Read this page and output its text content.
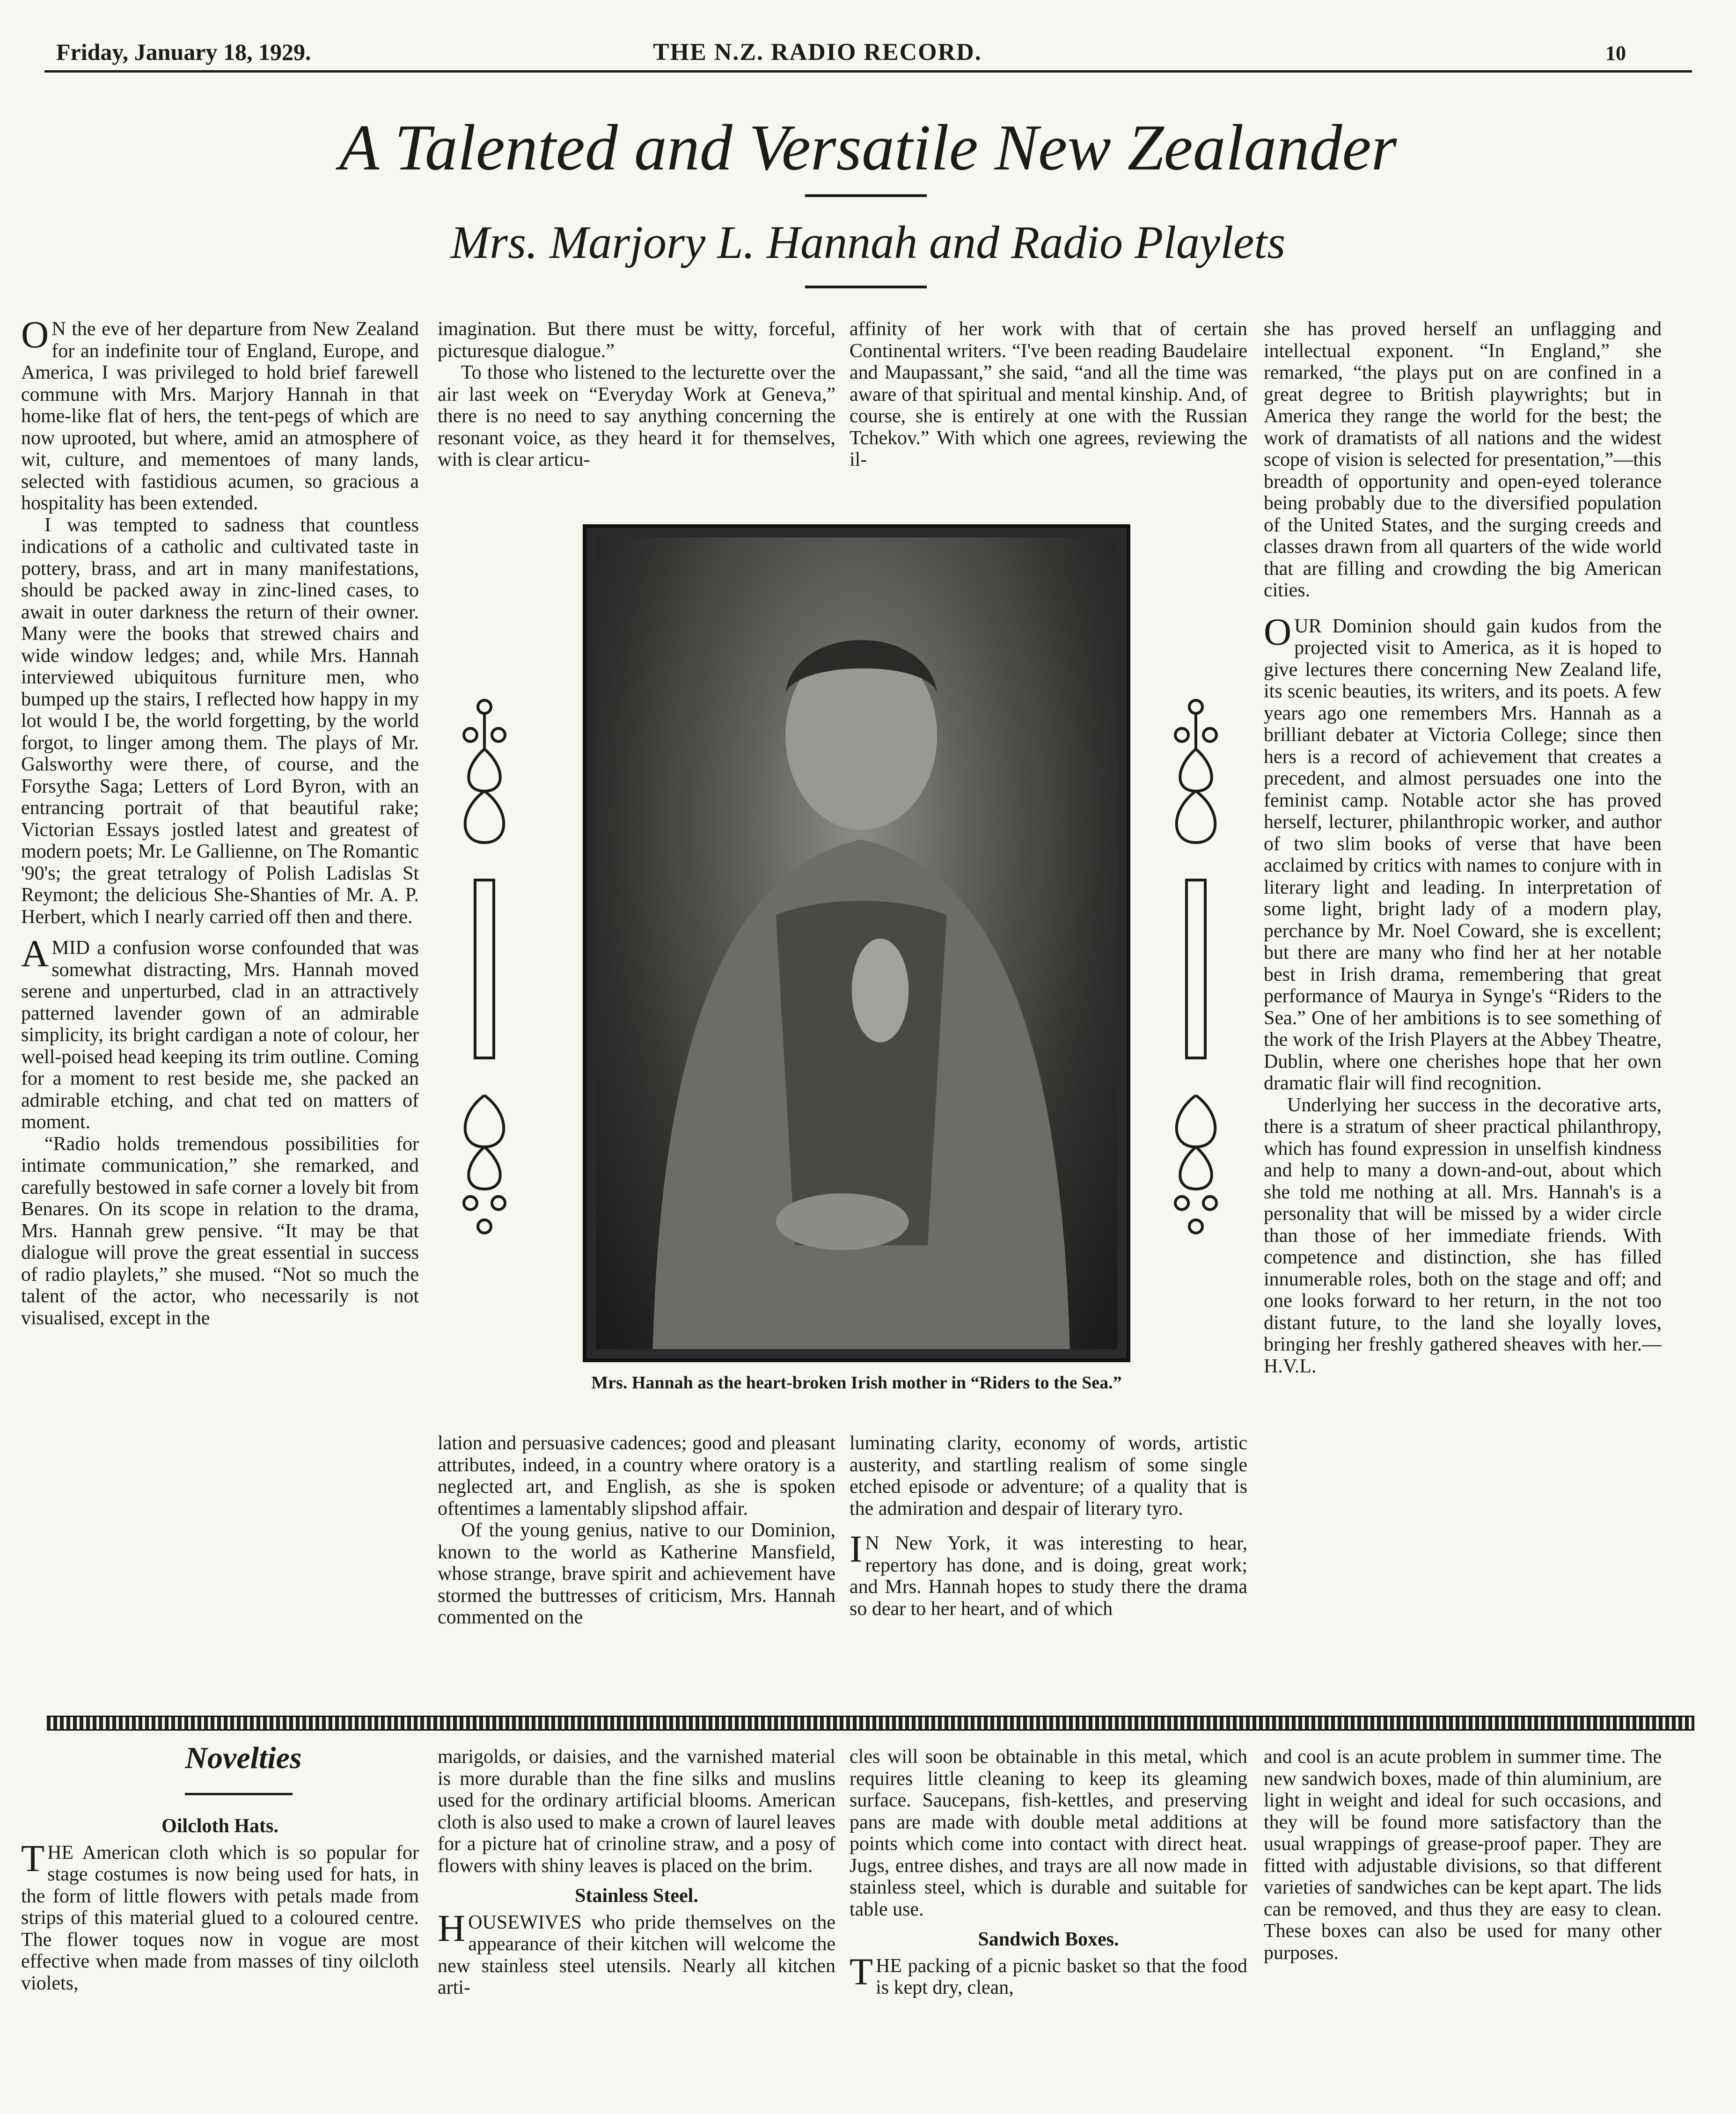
Friday, January 18, 1929.	THE N.Z. RADIO RECORD.	10
A Talented and Versatile New Zealander
Mrs. Marjory L. Hannah and Radio Playlets

ON the eve of her departure from New Zealand for an indefinite tour of England, Europe, and America, I was privileged to hold brief farewell commune with Mrs. Marjory Hannah in that home-like flat of hers, the tent-pegs of which are now uprooted, but where, amid an atmosphere of wit, culture, and mementoes of many lands, selected with fastidious acumen, so gracious a hospitality has been extended.

I was tempted to sadness that countless indications of a catholic and cultivated taste in pottery, brass, and art in many manifestations, should be packed away in zinc-lined cases, to await in outer darkness the return of their owner. Many were the books that strewed chairs and wide window ledges; and, while Mrs. Hannah interviewed ubiquitous furniture men, who bumped up the stairs, I reflected how happy in my lot would I be, the world forgetting, by the world forgot, to linger among them. The plays of Mr. Galsworthy were there, of course, and the Forsythe Saga; Letters of Lord Byron, with an entrancing portrait of that beautiful rake; Victorian Essays jostled latest and greatest of modern poets; Mr. Le Gallienne, on The Romantic '90's; the great tetralogy of Polish Ladislas St Reymont; the delicious She-Shanties of Mr. A. P. Herbert, which I nearly carried off then and there.

AMID a confusion worse confounded that was somewhat distracting, Mrs. Hannah moved serene and unperturbed, clad in an attractively patterned lavender gown of an admirable simplicity, its bright cardigan a note of colour, her well-poised head keeping its trim outline. Coming for a moment to rest beside me, she packed an admirable etching, and chat ted on matters of moment.

“Radio holds tremendous possibilities for intimate communication,” she remarked, and carefully bestowed in safe corner a lovely bit from Benares. On its scope in relation to the drama, Mrs. Hannah grew pensive. “It may be that dialogue will prove the great essential in success of radio playlets,” she mused. “Not so much the talent of the actor, who necessarily is not visualised, except in the

imagination. But there must be witty, forceful, picturesque dialogue.”

To those who listened to the lecturette over the air last week on “Everyday Work at Geneva,” there is no need to say anything concerning the resonant voice, as they heard it for themselves, with is clear articu-

affinity of her work with that of certain Continental writers. “I've been reading Baudelaire and Maupassant,” she said, “and all the time was aware of that spiritual and mental kinship. And, of course, she is entirely at one with the Russian Tchekov.” With which one agrees, reviewing the il-

Mrs. Hannah as the heart-broken Irish mother in “Riders to the Sea.”

lation and persuasive cadences; good and pleasant attributes, indeed, in a country where oratory is a neglected art, and English, as she is spoken oftentimes a lamentably slipshod affair.

Of the young genius, native to our Dominion, known to the world as Katherine Mansfield, whose strange, brave spirit and achievement have stormed the buttresses of criticism, Mrs. Hannah commented on the

luminating clarity, economy of words, artistic austerity, and startling realism of some single etched episode or adventure; of a quality that is the admiration and despair of literary tyro.

IN New York, it was interesting to hear, repertory has done, and is doing, great work; and Mrs. Hannah hopes to study there the drama so dear to her heart, and of which

she has proved herself an unflagging and intellectual exponent. “In England,” she remarked, “the plays put on are confined in a great degree to British playwrights; but in America they range the world for the best; the work of dramatists of all nations and the widest scope of vision is selected for presentation,”—this breadth of opportunity and open-eyed tolerance being probably due to the diversified population of the United States, and the surging creeds and classes drawn from all quarters of the wide world that are filling and crowding the big American cities.

OUR Dominion should gain kudos from the projected visit to America, as it is hoped to give lectures there concerning New Zealand life, its scenic beauties, its writers, and its poets. A few years ago one remembers Mrs. Hannah as a brilliant debater at Victoria College; since then hers is a record of achievement that creates a precedent, and almost persuades one into the feminist camp. Notable actor she has proved herself, lecturer, philanthropic worker, and author of two slim books of verse that have been acclaimed by critics with names to conjure with in literary light and leading. In interpretation of some light, bright lady of a modern play, perchance by Mr. Noel Coward, she is excellent; but there are many who find her at her notable best in Irish drama, remembering that great performance of Maurya in Synge's “Riders to the Sea.” One of her ambitions is to see something of the work of the Irish Players at the Abbey Theatre, Dublin, where one cherishes hope that her own dramatic flair will find recognition.

Underlying her success in the decorative arts, there is a stratum of sheer practical philanthropy, which has found expression in unselfish kindness and help to many a down-and-out, about which she told me nothing at all. Mrs. Hannah's is a personality that will be missed by a wider circle than those of her immediate friends. With competence and distinction, she has filled innumerable roles, both on the stage and off; and one looks forward to her return, in the not too distant future, to the land she loyally loves, bringing her freshly gathered sheaves with her.—H.V.L.

Novelties

Oilcloth Hats.

THE American cloth which is so popular for stage costumes is now being used for hats, in the form of little flowers with petals made from strips of this material glued to a coloured centre. The flower toques now in vogue are most effective when made from masses of tiny oilcloth violets,

marigolds, or daisies, and the varnished material is more durable than the fine silks and muslins used for the ordinary artificial blooms. American cloth is also used to make a crown of laurel leaves for a picture hat of crinoline straw, and a posy of flowers with shiny leaves is placed on the brim.

Stainless Steel.

HOUSEWIVES who pride themselves on the appearance of their kitchen will welcome the new stainless steel utensils. Nearly all kitchen arti-

cles will soon be obtainable in this metal, which requires little cleaning to keep its gleaming surface. Saucepans, fish-kettles, and preserving pans are made with double metal additions at points which come into contact with direct heat. Jugs, entree dishes, and trays are all now made in stainless steel, which is durable and suitable for table use.

Sandwich Boxes.

THE packing of a picnic basket so that the food is kept dry, clean,

and cool is an acute problem in summer time. The new sandwich boxes, made of thin aluminium, are light in weight and ideal for such occasions, and they will be found more satisfactory than the usual wrappings of grease-proof paper. They are fitted with adjustable divisions, so that different varieties of sandwiches can be kept apart. The lids can be removed, and thus they are easy to clean. These boxes can also be used for many other purposes.
